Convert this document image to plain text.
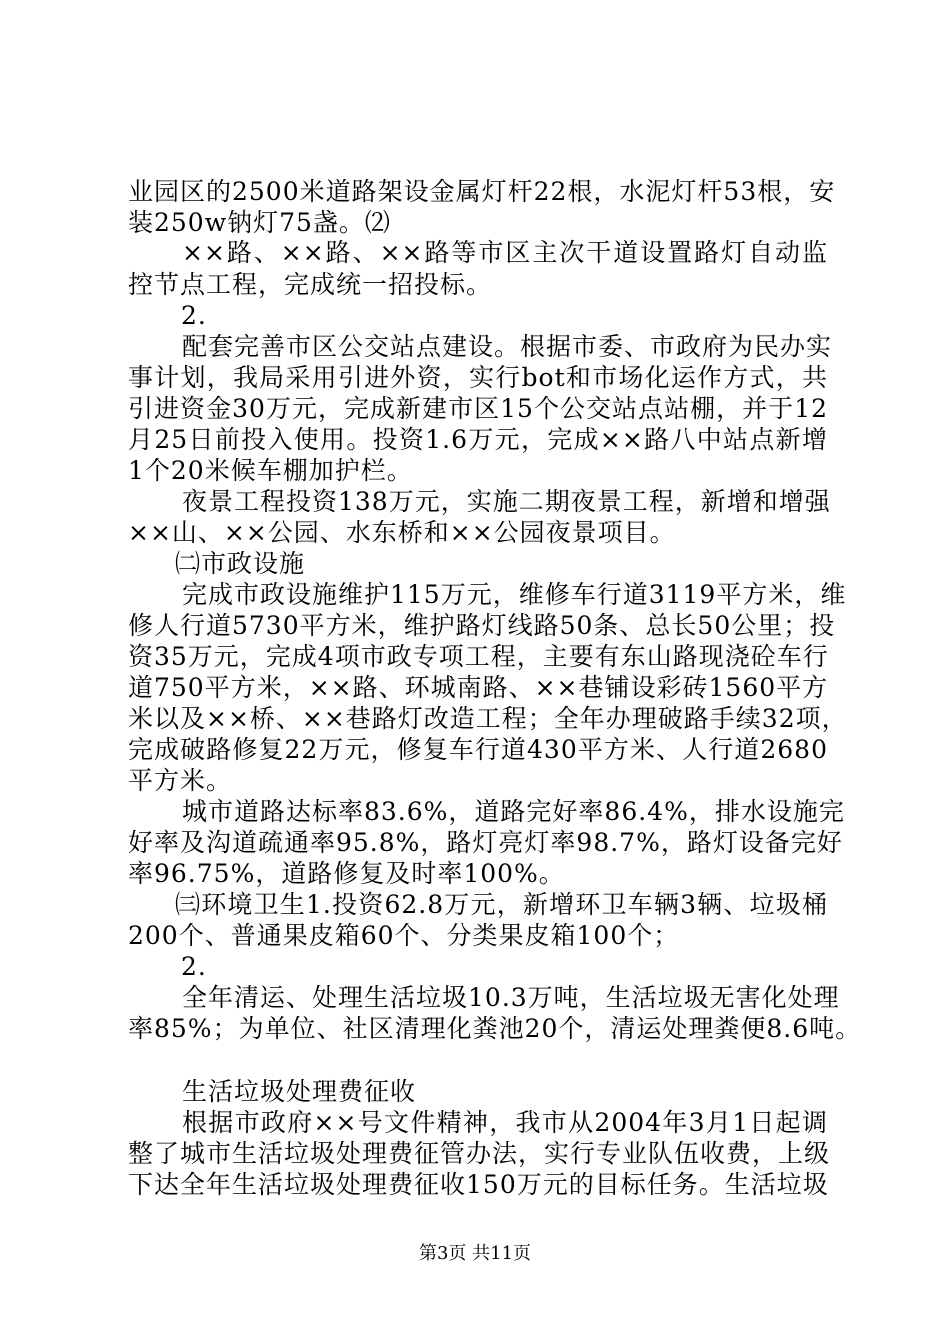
业园区的2500米道路架设金属灯杆22根，水泥灯杆53根，安
装250w钠灯75盏。⑵
××路、××路、××路等市区主次干道设置路灯自动监
控节点工程，完成统一招投标。
2.
配套完善市区公交站点建设。根据市委、市政府为民办实
事计划，我局采用引进外资，实行bot和市场化运作方式，共
引进资金30万元，完成新建市区15个公交站点站棚，并于12
月25日前投入使用。投资1.6万元，完成××路八中站点新增
1个20米候车棚加护栏。
夜景工程投资138万元，实施二期夜景工程，新增和增强
××山、××公园、水东桥和××公园夜景项目。
㈡市政设施
完成市政设施维护115万元，维修车行道3119平方米，维
修人行道5730平方米，维护路灯线路50条、总长50公里；投
资35万元，完成4项市政专项工程，主要有东山路现浇砼车行
道750平方米，××路、环城南路、××巷铺设彩砖1560平方
米以及××桥、××巷路灯改造工程；全年办理破路手续32项，
完成破路修复22万元，修复车行道430平方米、人行道2680
平方米。
城市道路达标率83.6%，道路完好率86.4%，排水设施完
好率及沟道疏通率95.8%，路灯亮灯率98.7%，路灯设备完好
率96.75%，道路修复及时率100%。
㈢环境卫生1.投资62.8万元，新增环卫车辆3辆、垃圾桶
200个、普通果皮箱60个、分类果皮箱100个；
2.
全年清运、处理生活垃圾10.3万吨，生活垃圾无害化处理
率85%；为单位、社区清理化粪池20个，清运处理粪便8.6吨。
生活垃圾处理费征收
根据市政府××号文件精神，我市从2004年3月1日起调
整了城市生活垃圾处理费征管办法，实行专业队伍收费，上级
下达全年生活垃圾处理费征收150万元的目标任务。生活垃圾
第3页 共11页
